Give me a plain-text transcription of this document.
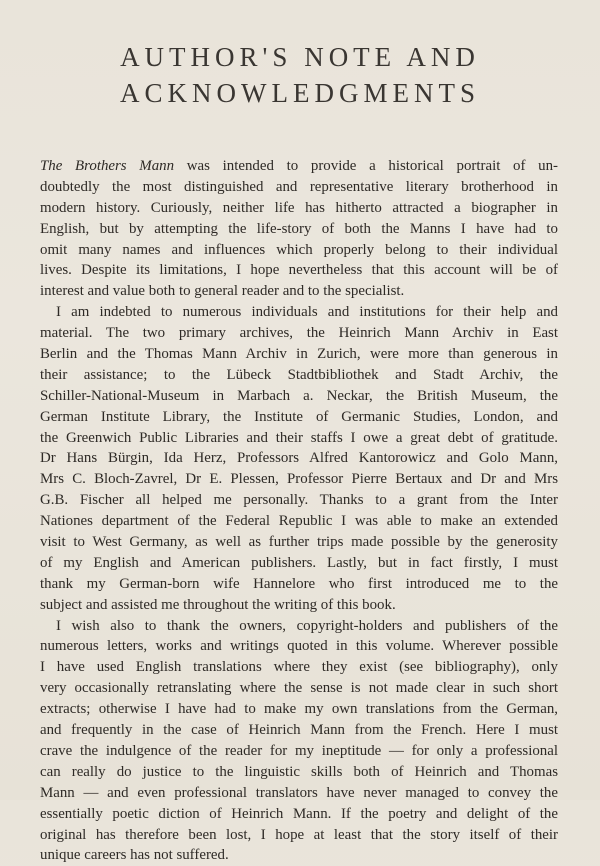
AUTHOR'S NOTE AND
ACKNOWLEDGMENTS
The Brothers Mann was intended to provide a historical portrait of un-
doubtedly the most distinguished and representative literary brotherhood in
modern history. Curiously, neither life has hitherto attracted a biographer in
English, but by attempting the life-story of both the Manns I have had to
omit many names and influences which properly belong to their individual
lives. Despite its limitations, I hope nevertheless that this account will be of
interest and value both to general reader and to the specialist.
I am indebted to numerous individuals and institutions for their help and
material. The two primary archives, the Heinrich Mann Archiv in East
Berlin and the Thomas Mann Archiv in Zurich, were more than generous in
their assistance; to the Lübeck Stadtbibliothek and Stadt Archiv, the
Schiller-National-Museum in Marbach a. Neckar, the British Museum, the
German Institute Library, the Institute of Germanic Studies, London, and
the Greenwich Public Libraries and their staffs I owe a great debt of gratitude.
Dr Hans Bürgin, Ida Herz, Professors Alfred Kantorowicz and Golo Mann,
Mrs C. Bloch-Zavrel, Dr E. Plessen, Professor Pierre Bertaux and Dr and Mrs
G.B. Fischer all helped me personally. Thanks to a grant from the Inter
Nationes department of the Federal Republic I was able to make an extended
visit to West Germany, as well as further trips made possible by the generosity
of my English and American publishers. Lastly, but in fact firstly, I must
thank my German-born wife Hannelore who first introduced me to the
subject and assisted me throughout the writing of this book.
I wish also to thank the owners, copyright-holders and publishers of the
numerous letters, works and writings quoted in this volume. Wherever possible
I have used English translations where they exist (see bibliography), only
very occasionally retranslating where the sense is not made clear in such short
extracts; otherwise I have had to make my own translations from the German,
and frequently in the case of Heinrich Mann from the French. Here I must
crave the indulgence of the reader for my ineptitude — for only a professional
can really do justice to the linguistic skills both of Heinrich and Thomas
Mann — and even professional translators have never managed to convey the
essentially poetic diction of Heinrich Mann. If the poetry and delight of the
original has therefore been lost, I hope at least that the story itself of their
unique careers has not suffered.
